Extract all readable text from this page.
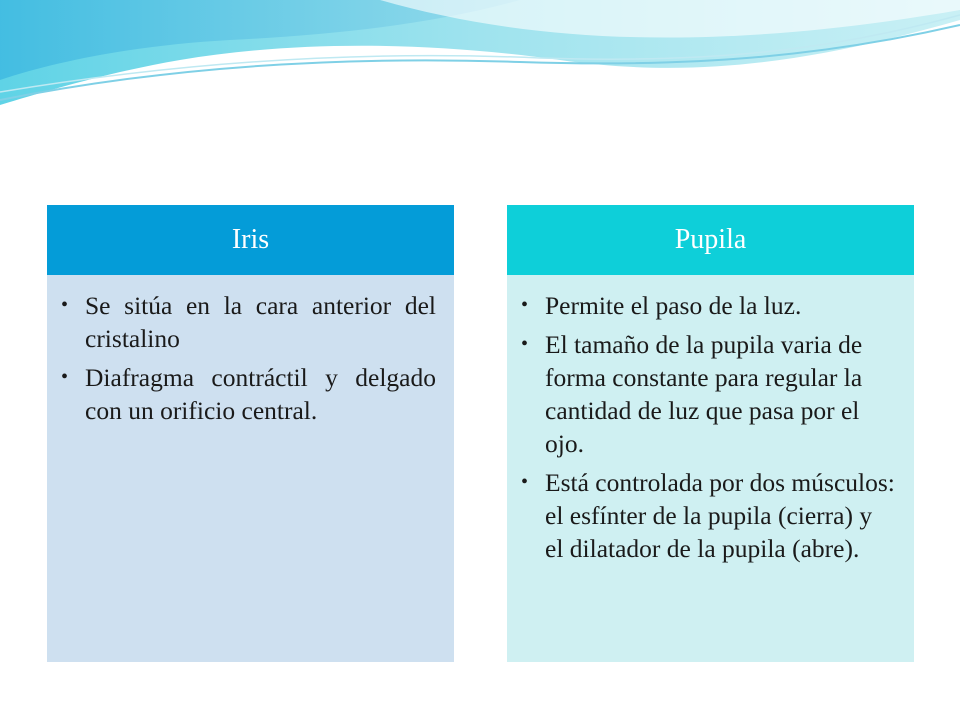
Iris
• Se sitúa en la cara anterior del cristalino
• Diafragma contráctil y delgado con un orificio central.
Pupila
• Permite el paso de la luz.
• El tamaño de la pupila varia de forma constante para regular la cantidad de luz que pasa por el ojo.
• Está controlada por dos músculos: el esfínter de la pupila (cierra) y el dilatador de la pupila (abre).
